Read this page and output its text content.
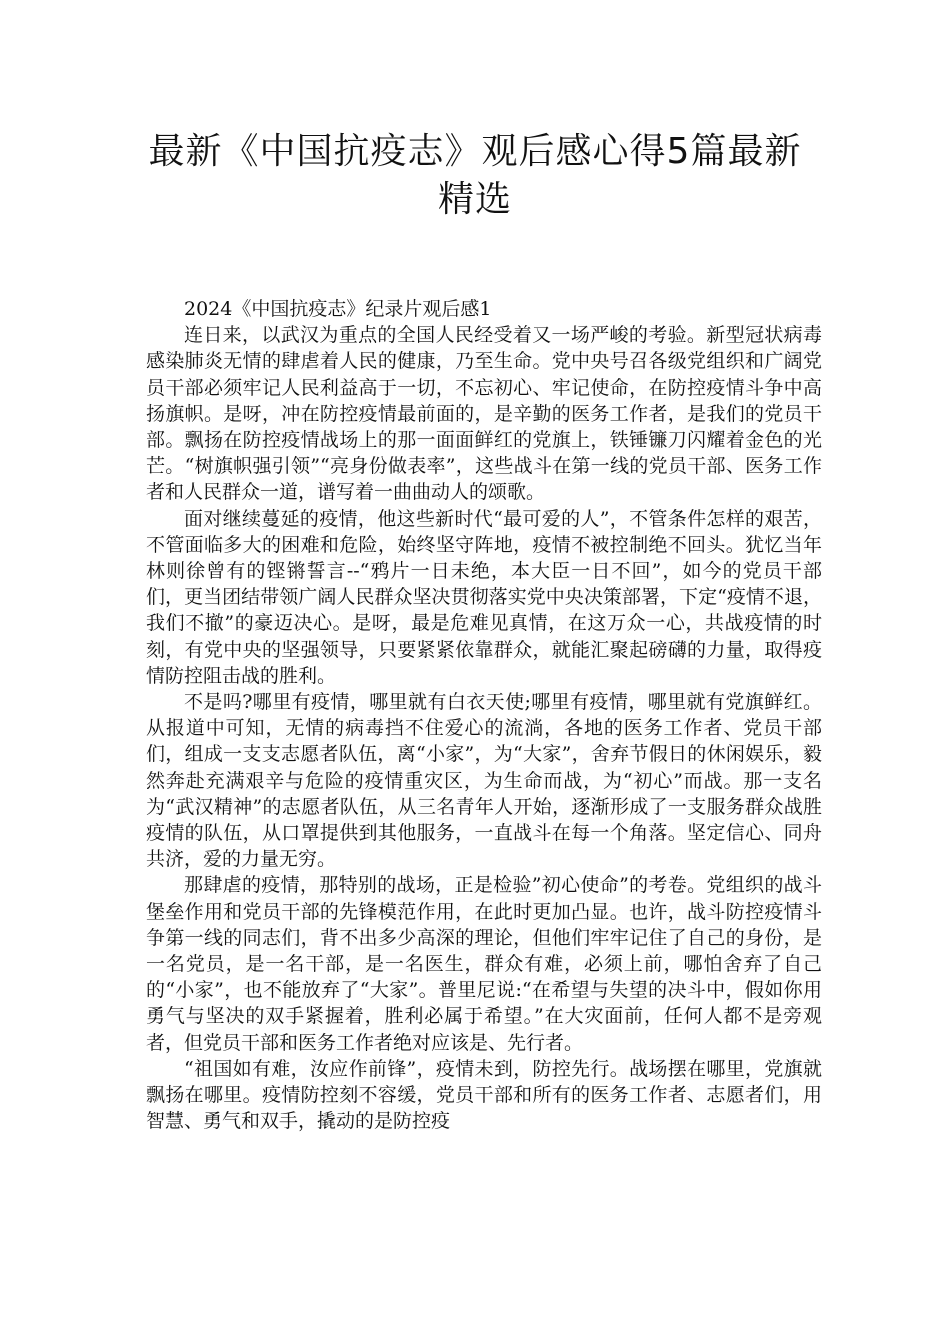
最新《中国抗疫志》观后感心得5篇最新精选

2024《中国抗疫志》纪录片观后感1

连日来，以武汉为重点的全国人民经受着又一场严峻的考验。新型冠状病毒感染肺炎无情的肆虐着人民的健康，乃至生命。党中央号召各级党组织和广阔党员干部必须牢记人民利益高于一切，不忘初心、牢记使命，在防控疫情斗争中高扬旗帜。是呀，冲在防控疫情最前面的，是辛勤的医务工作者，是我们的党员干部。飘扬在防控疫情战场上的那一面面鲜红的党旗上，铁锤镰刀闪耀着金色的光芒。“树旗帜强引领”“亮身份做表率”，这些战斗在第一线的党员干部、医务工作者和人民群众一道，谱写着一曲曲动人的颂歌。

面对继续蔓延的疫情，他这些新时代“最可爱的人”，不管条件怎样的艰苦，不管面临多大的困难和危险，始终坚守阵地，疫情不被控制绝不回头。犹忆当年林则徐曾有的铿锵誓言--“鸦片一日未绝，本大臣一日不回”，如今的党员干部们，更当团结带领广阔人民群众坚决贯彻落实党中央决策部署，下定“疫情不退，我们不撤”的豪迈决心。是呀，最是危难见真情，在这万众一心，共战疫情的时刻，有党中央的坚强领导，只要紧紧依靠群众，就能汇聚起磅礴的力量，取得疫情防控阻击战的胜利。

不是吗?哪里有疫情，哪里就有白衣天使;哪里有疫情，哪里就有党旗鲜红。从报道中可知，无情的病毒挡不住爱心的流淌，各地的医务工作者、党员干部们，组成一支支志愿者队伍，离“小家”，为“大家”，舍弃节假日的休闲娱乐，毅然奔赴充满艰辛与危险的疫情重灾区，为生命而战，为“初心”而战。那一支名为“武汉精神”的志愿者队伍，从三名青年人开始，逐渐形成了一支服务群众战胜疫情的队伍，从口罩提供到其他服务，一直战斗在每一个角落。坚定信心、同舟共济，爱的力量无穷。

那肆虐的疫情，那特别的战场，正是检验”初心使命”的考卷。党组织的战斗堡垒作用和党员干部的先锋模范作用，在此时更加凸显。也许，战斗防控疫情斗争第一线的同志们，背不出多少高深的理论，但他们牢牢记住了自己的身份，是一名党员，是一名干部，是一名医生，群众有难，必须上前，哪怕舍弃了自己的“小家”，也不能放弃了“大家”。普里尼说:“在希望与失望的决斗中，假如你用勇气与坚决的双手紧握着，胜利必属于希望。”在大灾面前，任何人都不是旁观者，但党员干部和医务工作者绝对应该是、先行者。

“祖国如有难，汝应作前锋”，疫情未到，防控先行。战场摆在哪里，党旗就飘扬在哪里。疫情防控刻不容缓，党员干部和所有的医务工作者、志愿者们，用智慧、勇气和双手，撬动的是防控疫
